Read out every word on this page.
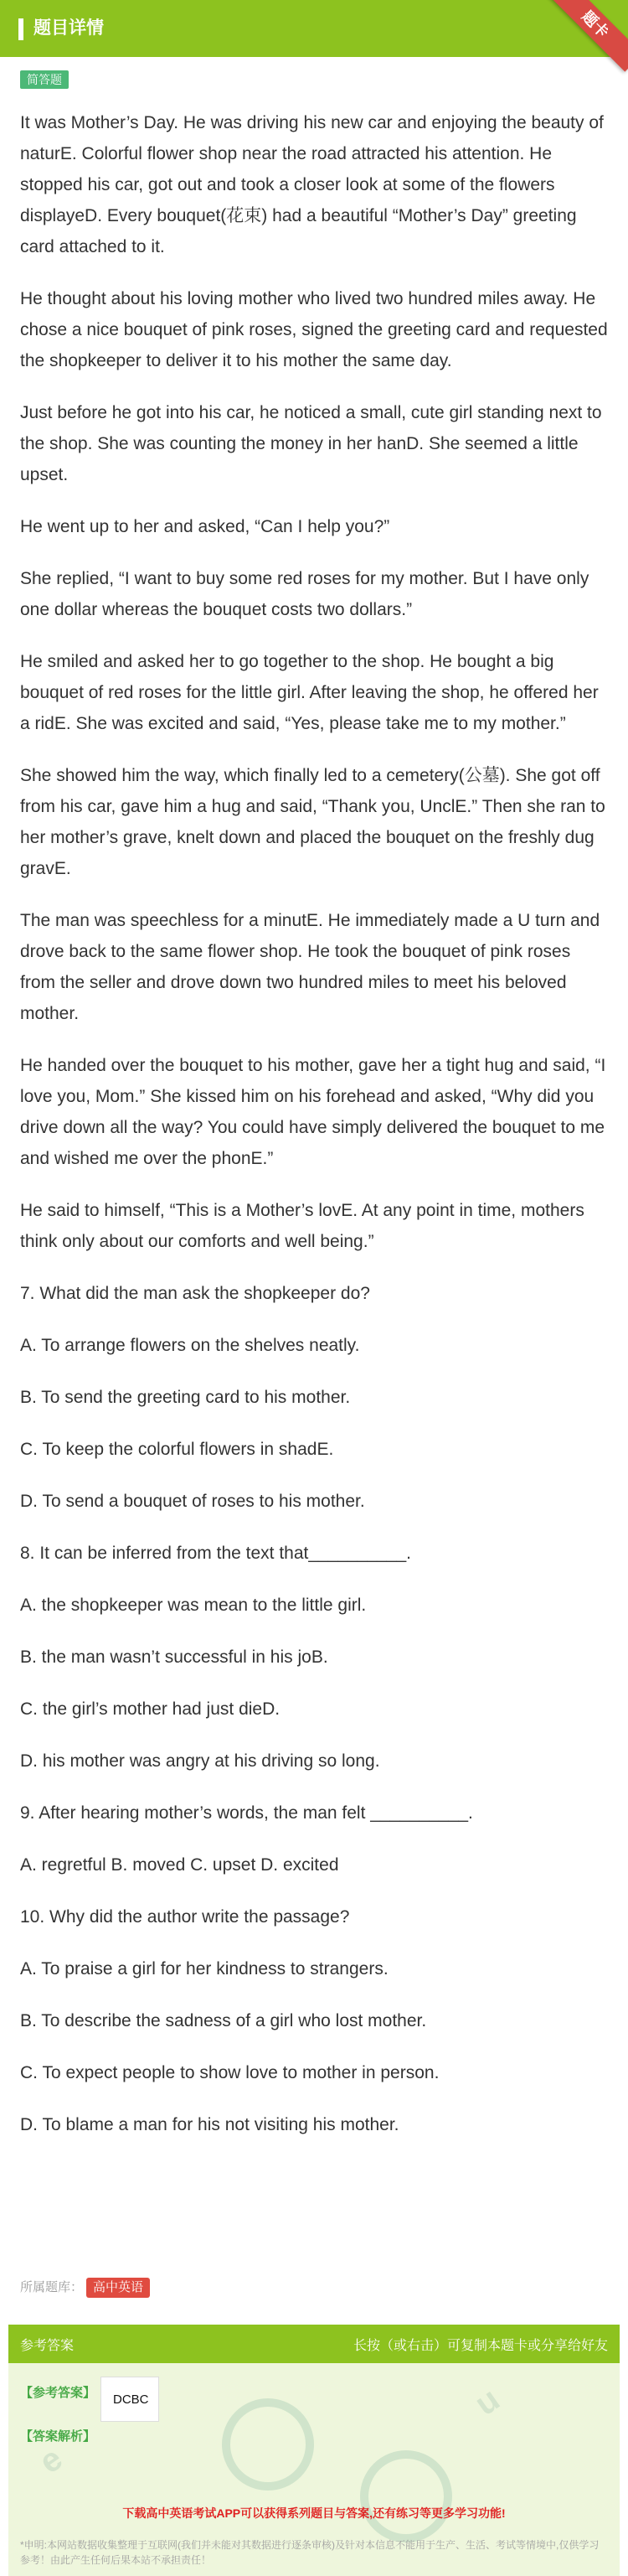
题目详情	题卡
简答题
It was Mother’s Day. He was driving his new car and enjoying the beauty of naturE. Colorful flower shop near the road attracted his attention. He stopped his car, got out and took a closer look at some of the flowers displayeD. Every bouquet(花束) had a beautiful “Mother’s Day” greeting card attached to it.
He thought about his loving mother who lived two hundred miles away. He chose a nice bouquet of pink roses, signed the greeting card and requested the shopkeeper to deliver it to his mother the same day.
Just before he got into his car, he noticed a small, cute girl standing next to the shop. She was counting the money in her hanD. She seemed a little upset.
He went up to her and asked, “Can I help you?”
She replied, “I want to buy some red roses for my mother. But I have only one dollar whereas the bouquet costs two dollars.”
He smiled and asked her to go together to the shop. He bought a big bouquet of red roses for the little girl. After leaving the shop, he offered her a ridE. She was excited and said, “Yes, please take me to my mother.”
She showed him the way, which finally led to a cemetery(公墓). She got off from his car, gave him a hug and said, “Thank you, UnclE.” Then she ran to her mother’s grave, knelt down and placed the bouquet on the freshly dug gravE.
The man was speechless for a minutE. He immediately made a U turn and drove back to the same flower shop. He took the bouquet of pink roses from the seller and drove down two hundred miles to meet his beloved mother.
He handed over the bouquet to his mother, gave her a tight hug and said, “I love you, Mom.” She kissed him on his forehead and asked, “Why did you drive down all the way? You could have simply delivered the bouquet to me and wished me over the phonE.”
He said to himself, “This is a Mother’s lovE. At any point in time, mothers think only about our comforts and well being.”
7. What did the man ask the shopkeeper do?
A. To arrange flowers on the shelves neatly.
B. To send the greeting card to his mother.
C. To keep the colorful flowers in shadE.
D. To send a bouquet of roses to his mother.
8. It can be inferred from the text that__________.
A. the shopkeeper was mean to the little girl.
B. the man wasn’t successful in his joB.
C. the girl’s mother had just dieD.
D. his mother was angry at his driving so long.
9. After hearing mother’s words, the man felt __________.
A. regretful B. moved C. upset D. excited
10. Why did the author write the passage?
A. To praise a girl for her kindness to strangers.
B. To describe the sadness of a girl who lost mother.
C. To expect people to show love to mother in person.
D. To blame a man for his not visiting his mother.
所属题库： 高中英语
参考答案	长按（或右击）可复制本题卡或分享给好友
e
u
【参考答案】 DCBC
【答案解析】
下载高中英语考试APP可以获得系列题目与答案,还有练习等更多学习功能!
*申明:本网站数据收集整理于互联网(我们并未能对其数据进行逐条审核)及针对本信息不能用于生产、生活、考试等情境中,仅供学习参考！由此产生任何后果本站不承担责任！
